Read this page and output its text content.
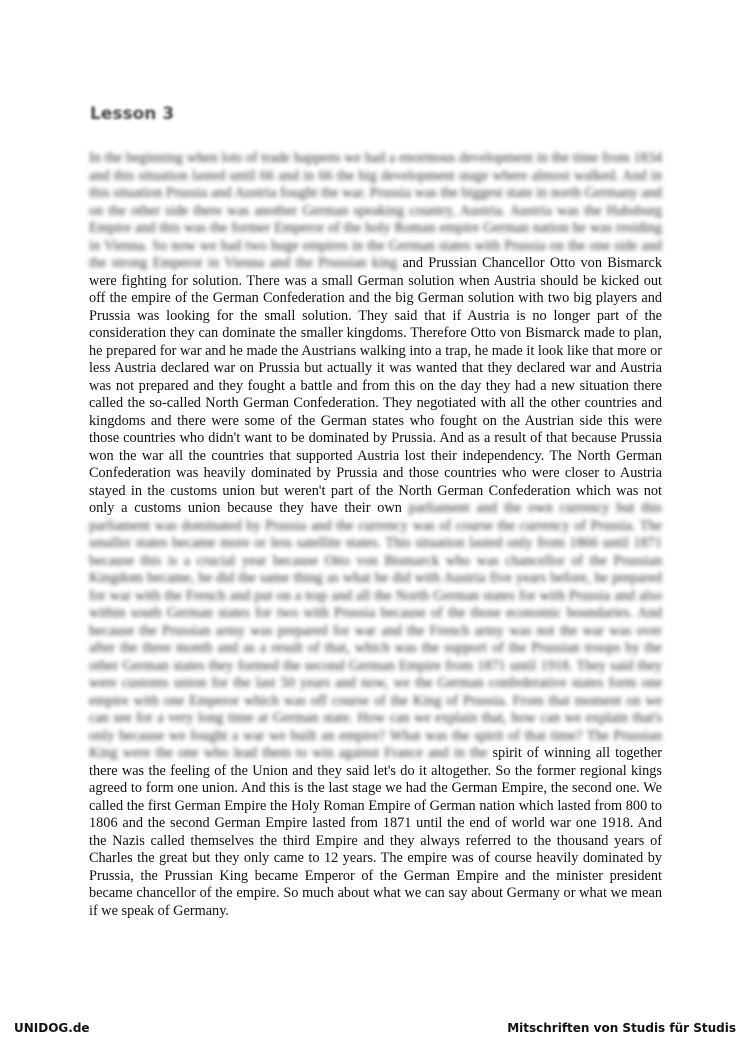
Lesson 3
In the beginning when lots of trade happens we had a enormous development in the time from 1834 and this situation lasted until 66 and in 66 the big development stage where almost walked. And in this situation Prussia and Austria fought the war. Prussia was the biggest state in north Germany and on the other side there was another German speaking country, Austria. Austria was the Habsburg Empire and this was the former Emperor of the holy Roman empire German nation he was residing in Vienna. So now we had two huge empires in the German states with Prussia on the one side and the strong Emperor in Vienna and the Prussian king and Prussian Chancellor Otto von Bismarck were fighting for solution. There was a small German solution when Austria should be kicked out off the empire of the German Confederation and the big German solution with two big players and Prussia was looking for the small solution. They said that if Austria is no longer part of the consideration they can dominate the smaller kingdoms. Therefore Otto von Bismarck made to plan, he prepared for war and he made the Austrians walking into a trap, he made it look like that more or less Austria declared war on Prussia but actually it was wanted that they declared war and Austria was not prepared and they fought a battle and from this on the day they had a new situation there called the so-called North German Confederation. They negotiated with all the other countries and kingdoms and there were some of the German states who fought on the Austrian side this were those countries who didn't want to be dominated by Prussia. And as a result of that because Prussia won the war all the countries that supported Austria lost their independency. The North German Confederation was heavily dominated by Prussia and those countries who were closer to Austria stayed in the customs union but weren't part of the North German Confederation which was not only a customs union because they have their own parliament and the own currency but this parliament was dominated by Prussia and the currency was of course the currency of Prussia. The smaller states became more or less satellite states. This situation lasted only from 1866 until 1871 because this is a crucial year because Otto von Bismarck who was chancellor of the Prussian Kingdom became, he did the same thing as what he did with Austria five years before, he prepared for war with the French and put on a trap and all the North German states for with Prussia and also within south German states for two with Prussia because of the those economic boundaries. And because the Prussian army was prepared for war and the French army was not the war was over after the three month and as a result of that, which was the support of the Prussian troops by the other German states they formed the second German Empire from 1871 until 1918. They said they were customs union for the last 50 years and now, we the German confederative states form one empire with one Emperor which was off course of the King of Prussia. From that moment on we can see for a very long time at German state. How can we explain that, how can we explain that's only because we fought a war we built an empire? What was the spirit of that time? The Prussian King were the one who lead them to win against France and in the spirit of winning all together there was the feeling of the Union and they said let's do it altogether. So the former regional kings agreed to form one union. And this is the last stage we had the German Empire, the second one. We called the first German Empire the Holy Roman Empire of German nation which lasted from 800 to 1806 and the second German Empire lasted from 1871 until the end of world war one 1918. And the Nazis called themselves the third Empire and they always referred to the thousand years of Charles the great but they only came to 12 years. The empire was of course heavily dominated by Prussia, the Prussian King became Emperor of the German Empire and the minister president became chancellor of the empire. So much about what we can say about Germany or what we mean if we speak of Germany.
UNIDOG.de	Mitschriften von Studis für Studis
